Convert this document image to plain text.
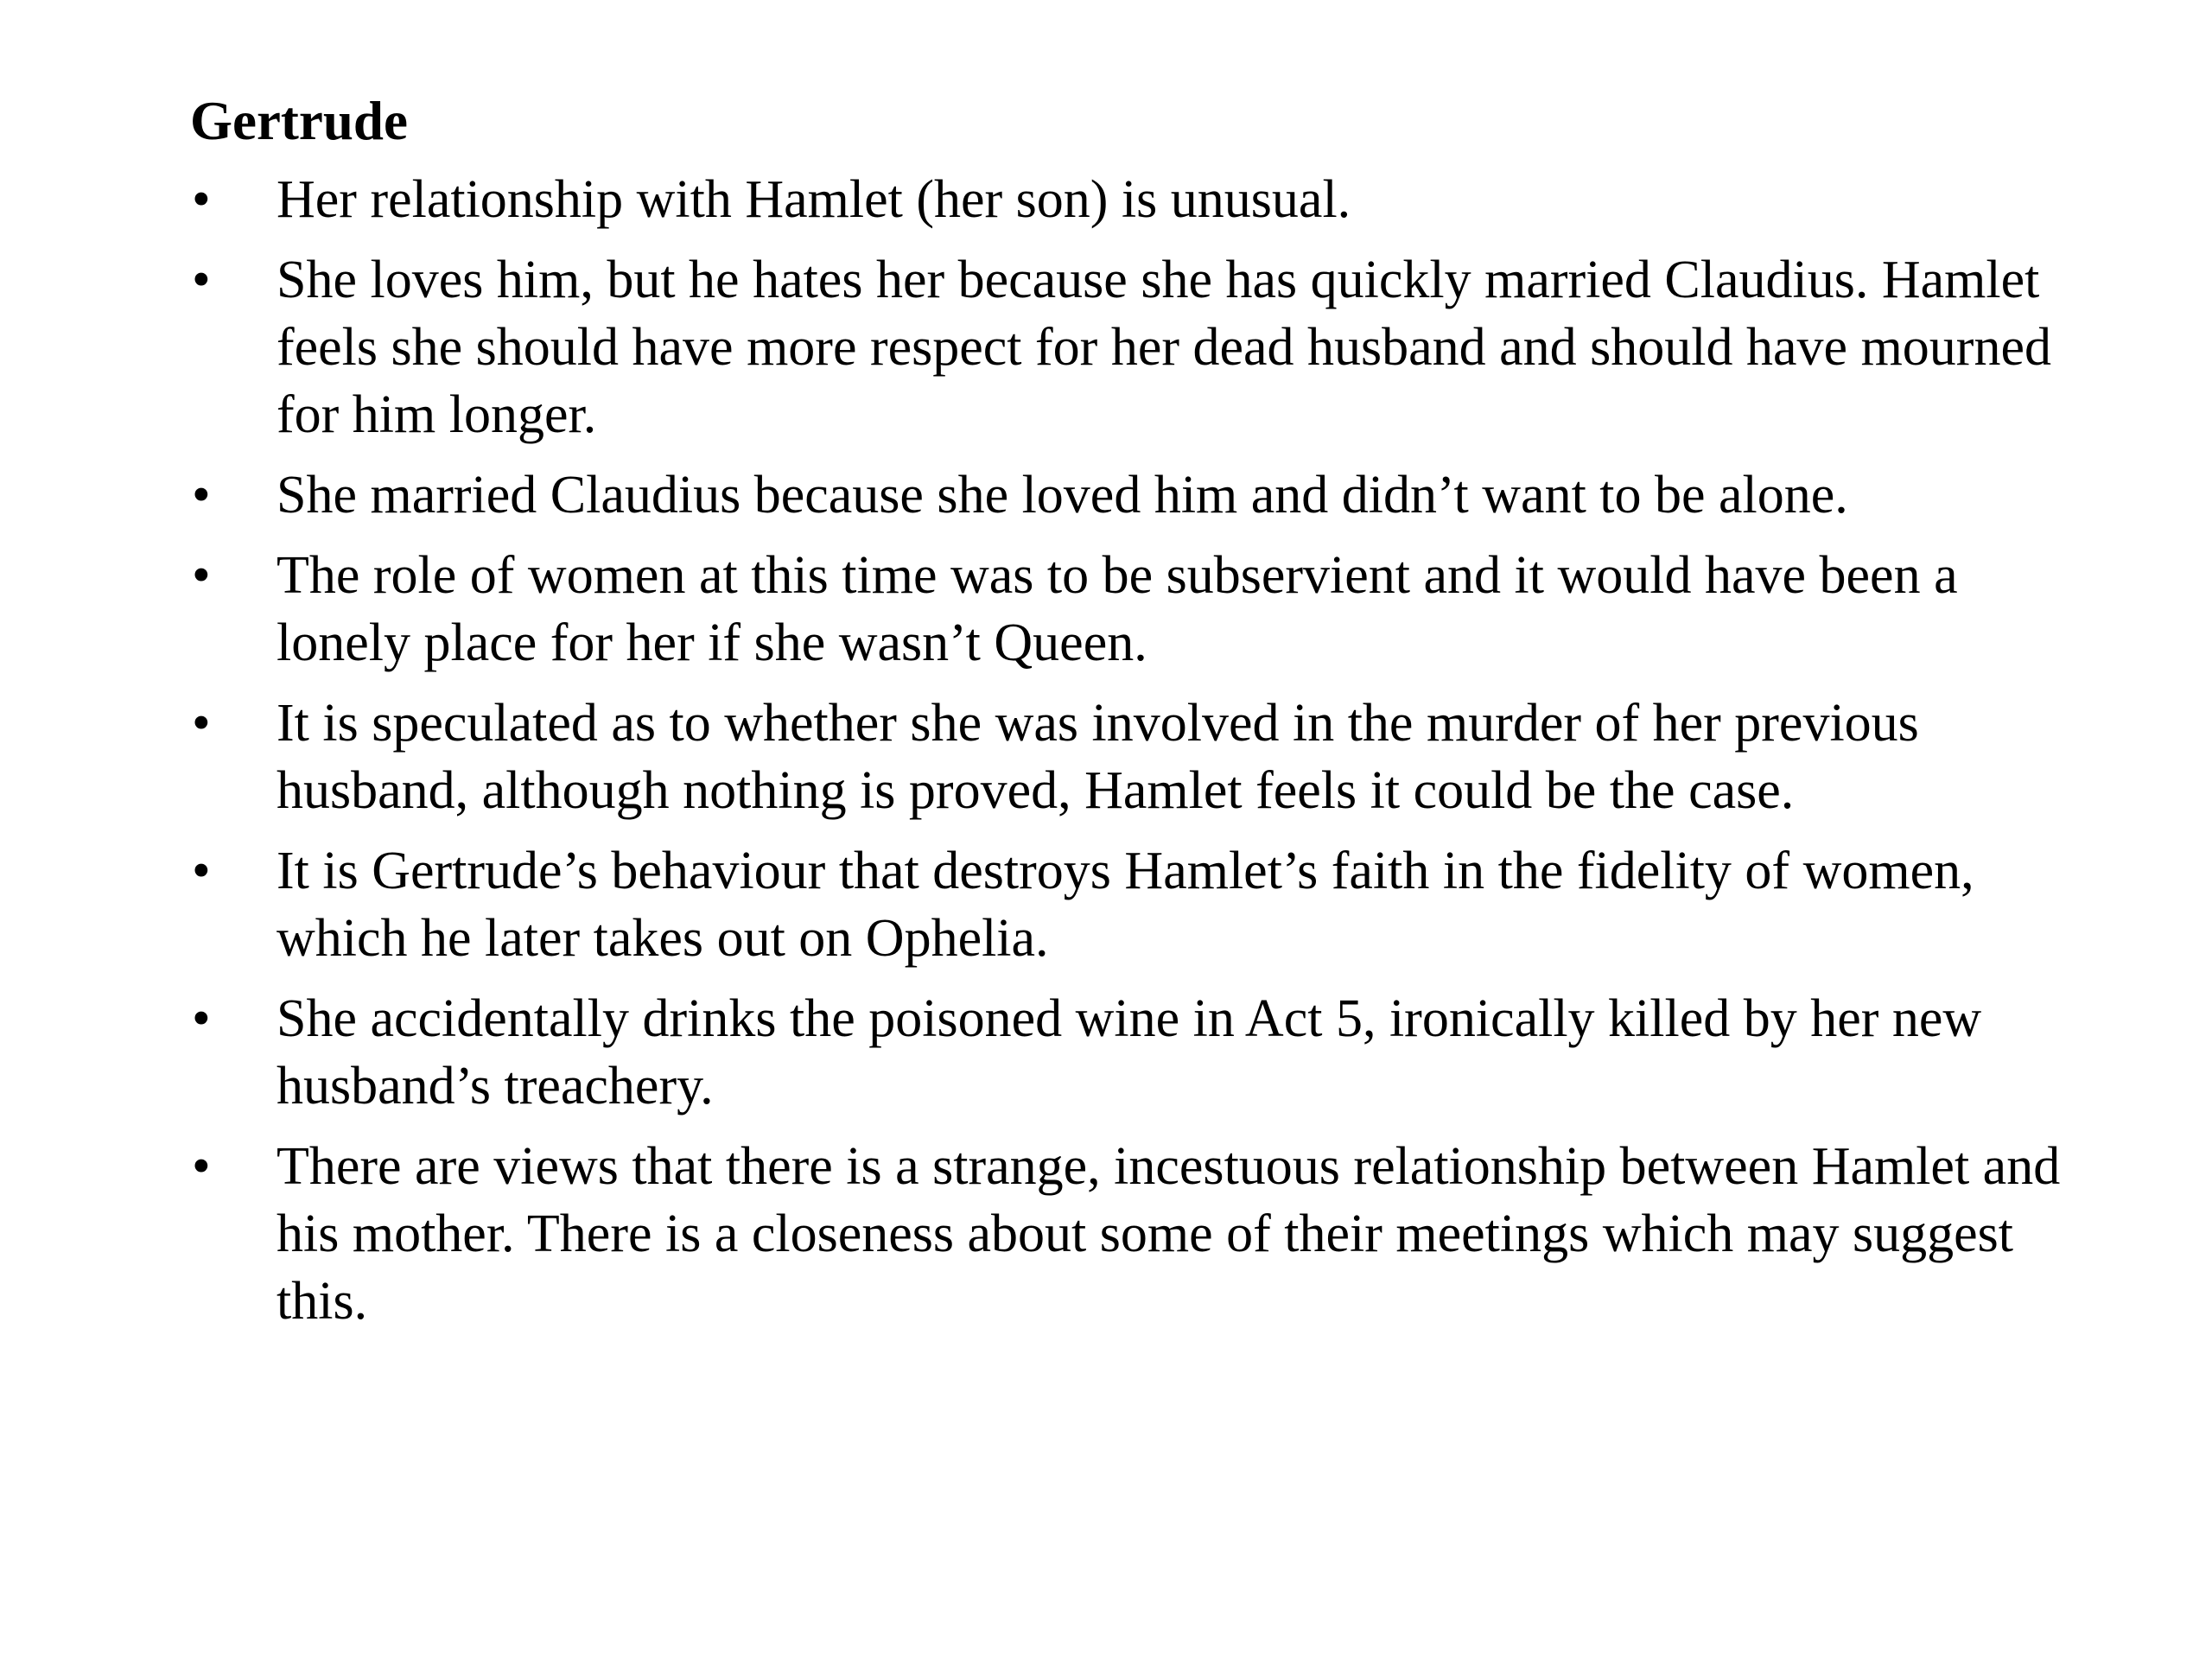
Gertrude
• Her relationship with Hamlet (her son) is unusual.
• She loves him, but he hates her because she has quickly married Claudius. Hamlet feels she should have more respect for her dead husband and should have mourned for him longer.
• She married Claudius because she loved him and didn’t want to be alone.
• The role of women at this time was to be subservient and it would have been a lonely place for her if she wasn’t Queen.
• It is speculated as to whether she was involved in the murder of her previous husband, although nothing is proved, Hamlet feels it could be the case.
• It is Gertrude’s behaviour that destroys Hamlet’s faith in the fidelity of women, which he later takes out on Ophelia.
• She accidentally drinks the poisoned wine in Act 5, ironically killed by her new husband’s treachery.
• There are views that there is a strange, incestuous relationship between Hamlet and his mother. There is a closeness about some of their meetings which may suggest this.
